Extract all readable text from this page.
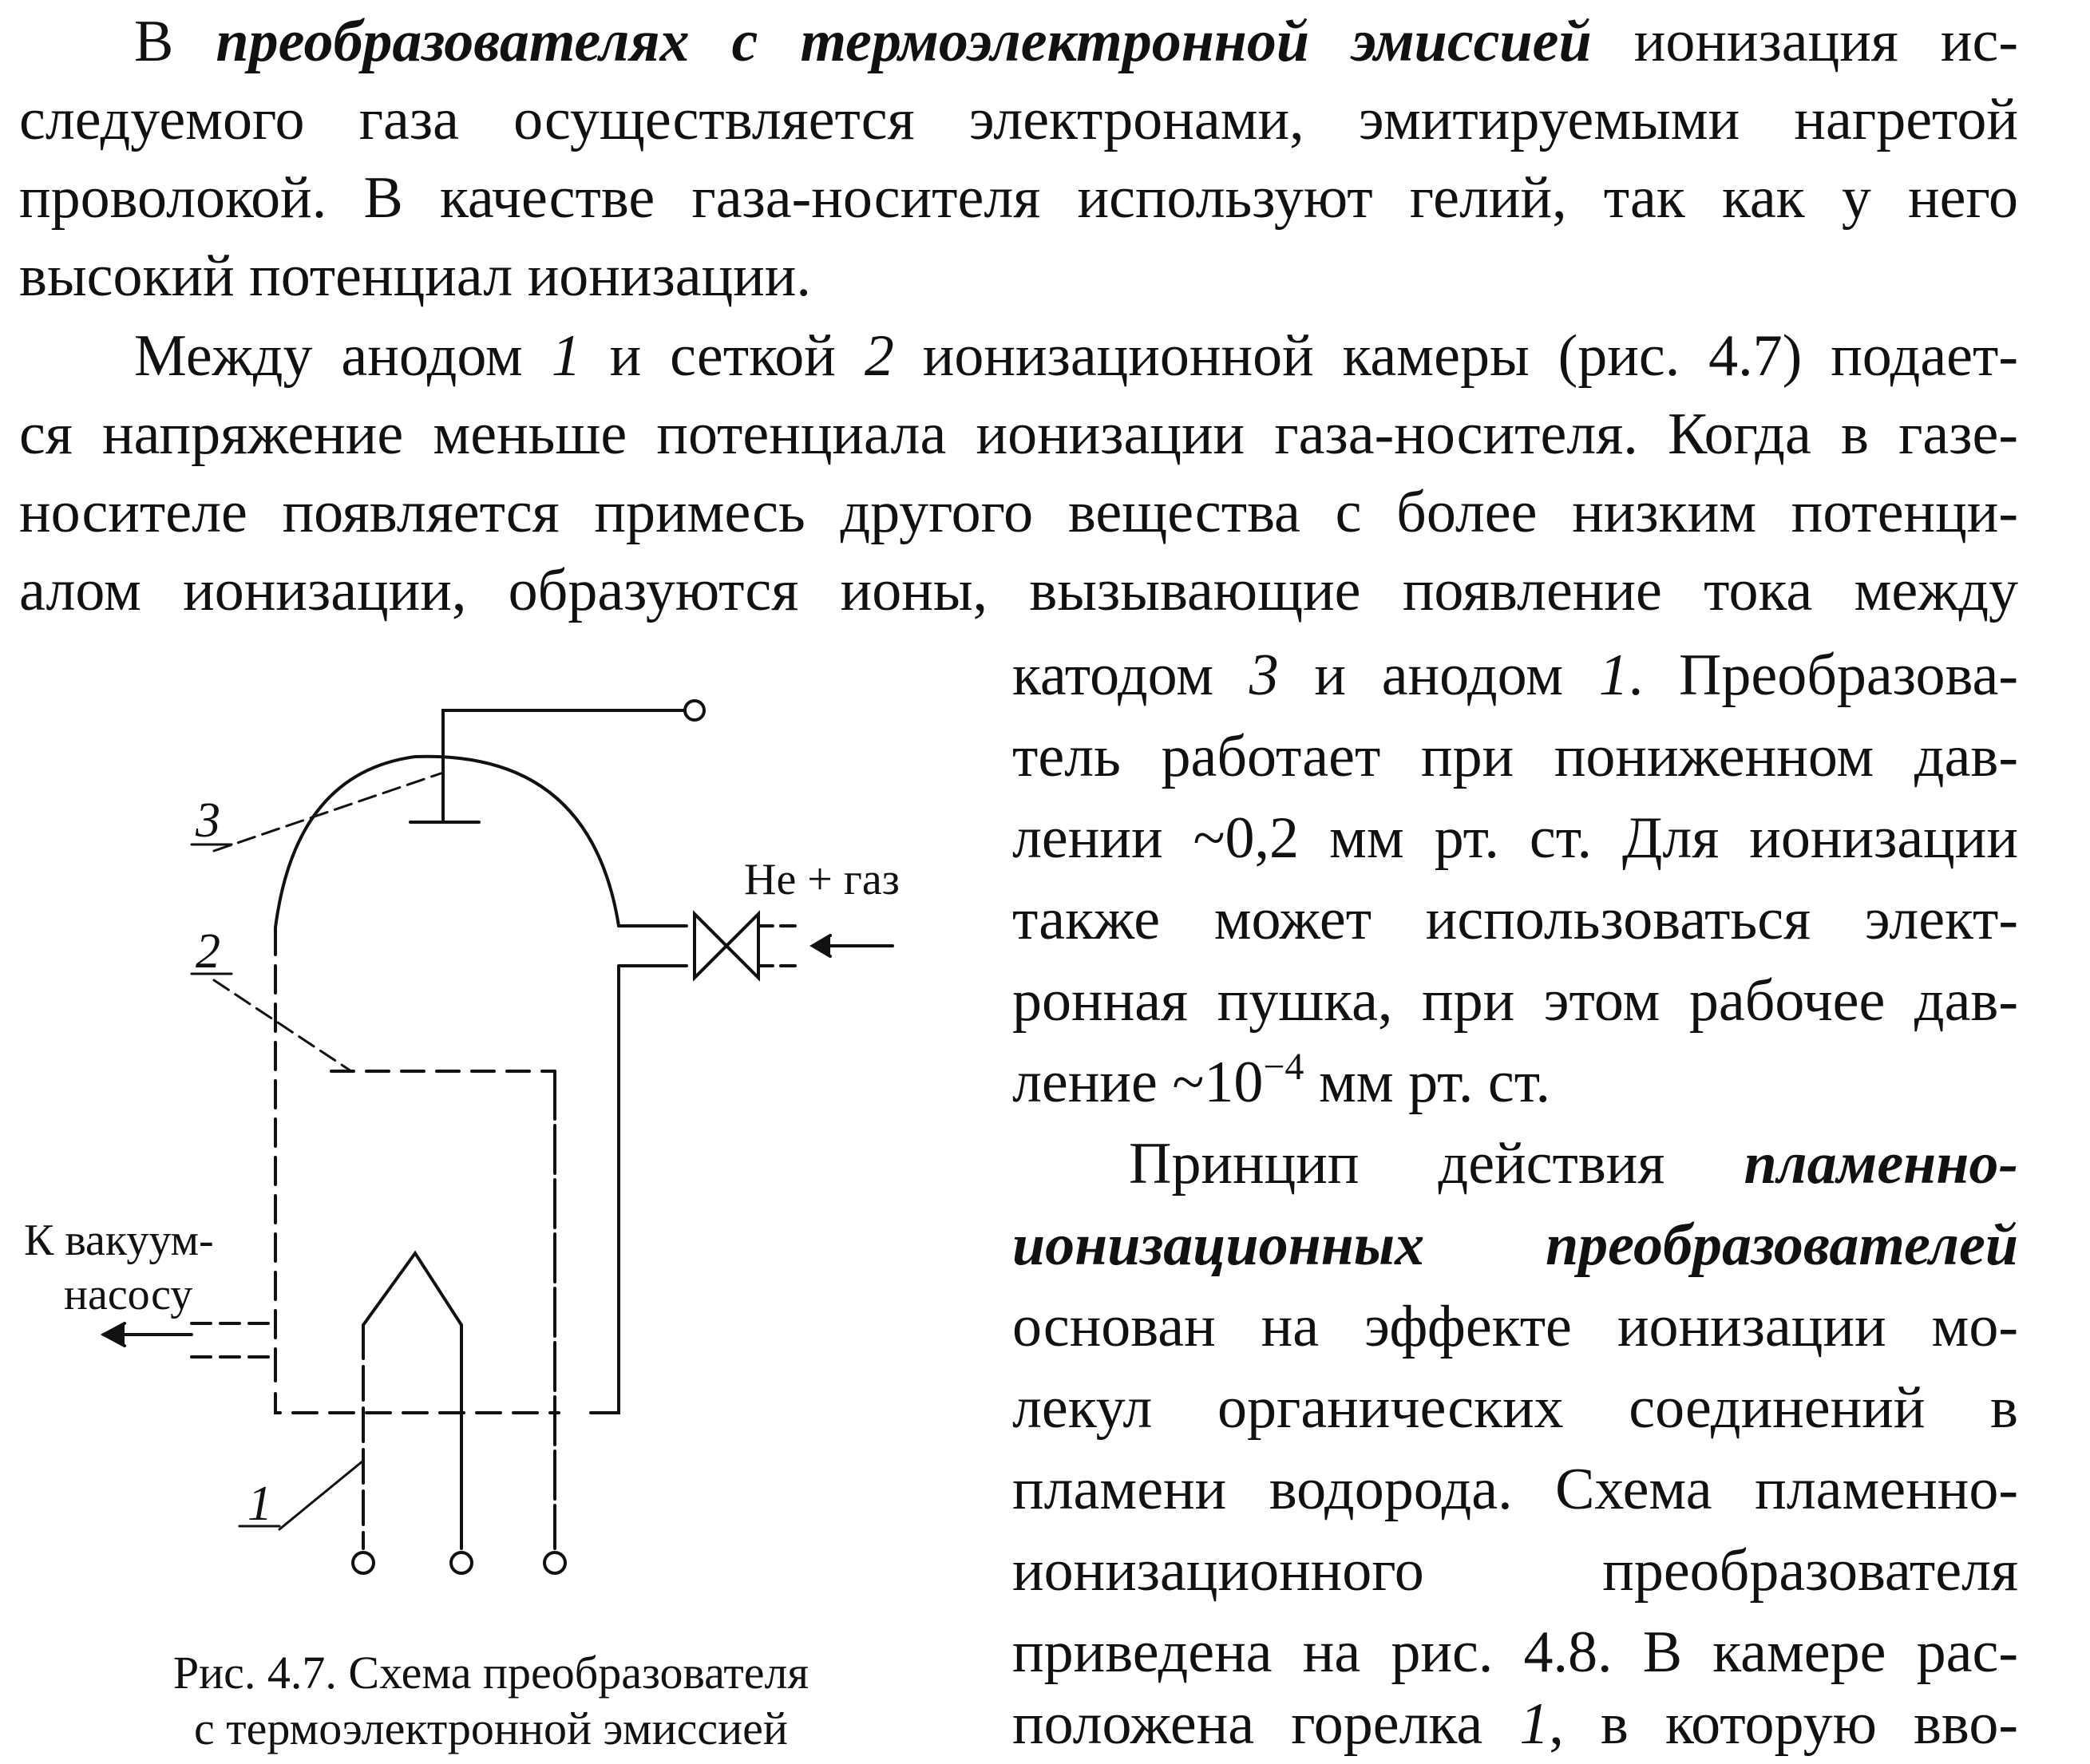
В преобразователях с термоэлектронной эмиссией ионизация ис-
следуемого газа осуществляется электронами, эмитируемыми нагретой
проволокой. В качестве газа-носителя используют гелий, так как у него
высокий потенциал ионизации.
Между анодом 1 и сеткой 2 ионизационной камеры (рис. 4.7) подает-
ся напряжение меньше потенциала ионизации газа-носителя. Когда в газе-
носителе появляется примесь другого вещества с более низким потенци-
алом ионизации, образуются ионы, вызывающие появление тока между
катодом 3 и анодом 1. Преобразова-
тель работает при пониженном дав-
лении ~0,2 мм рт. ст. Для ионизации
также может использоваться элект-
ронная пушка, при этом рабочее дав-
ление $\sim 10^{-4}$ мм рт. ст.
Принцип действия пламенно-
ионизационных преобразователей
основан на эффекте ионизации мо-
лекул органических соединений в
пламени водорода. Схема пламенно-
ионизационного преобразователя
приведена на рис. 4.8. В камере рас-
положена горелка 1, в которую вво-
3
2
1
He + газ
К вакуум-
насосу
Рис. 4.7. Схема преобразователя
с термоэлектронной эмиссией
